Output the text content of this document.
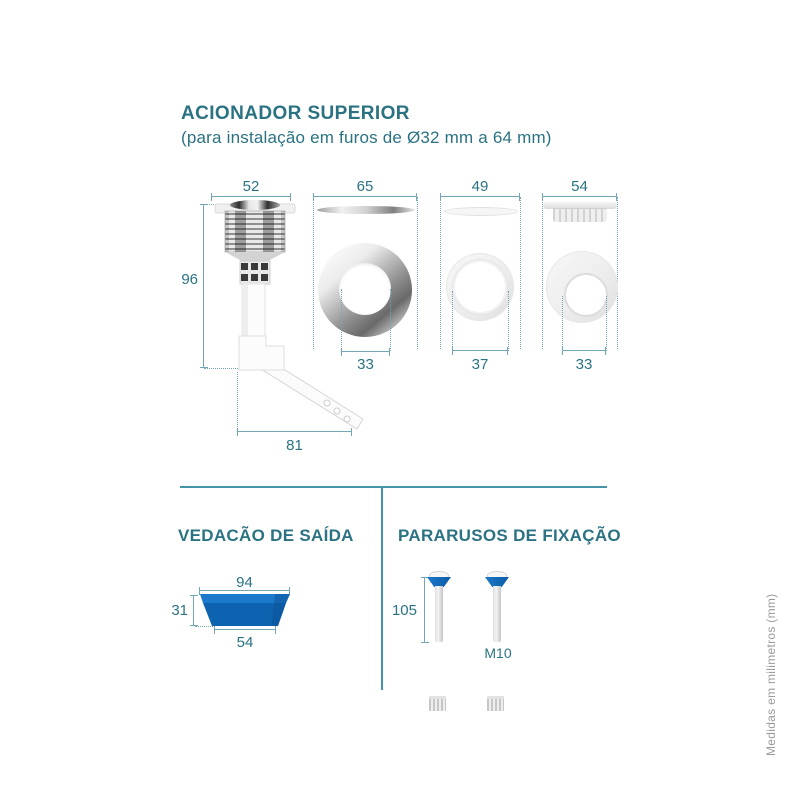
ACIONADOR SUPERIOR
(para instalação em furos de Ø32 mm a 64 mm)
52
96
81
65
33
49
37
54
33
VEDACÃO DE SAÍDA
94
31
54
PARARUSOS DE FIXAÇÃO
105
M10	Medidas em milimetros (mm)
